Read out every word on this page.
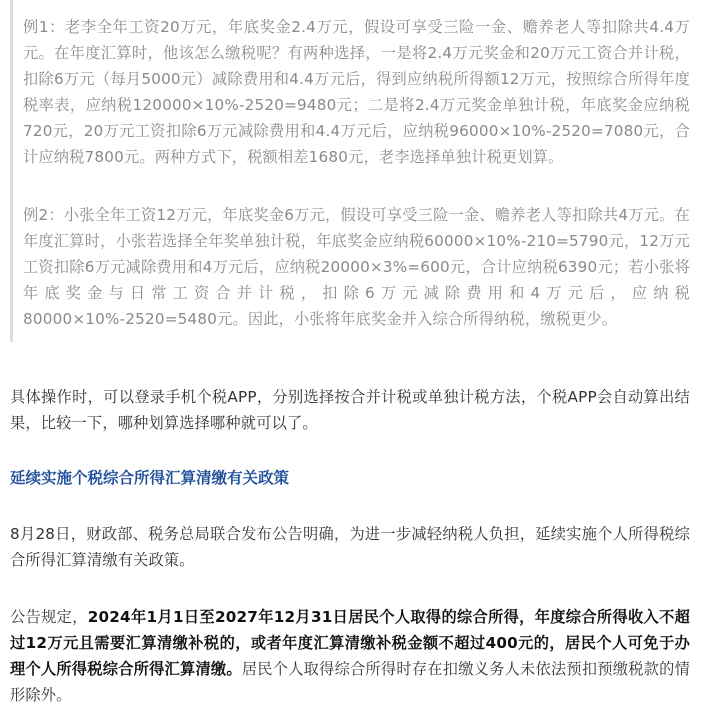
例1：老李全年工资20万元，年底奖金2.4万元，假设可享受三险一金、赡养老人等扣除共4.4万元。在年度汇算时，他该怎么缴税呢？有两种选择，一是将2.4万元奖金和20万元工资合并计税，扣除6万元（每月5000元）减除费用和4.4万元后，得到应纳税所得额12万元，按照综合所得年度税率表，应纳税120000×10%-2520=9480元；二是将2.4万元奖金单独计税，年底奖金应纳税720元，20万元工资扣除6万元减除费用和4.4万元后，应纳税96000×10%-2520=7080元，合计应纳税7800元。两种方式下，税额相差1680元，老李选择单独计税更划算。

例2：小张全年工资12万元，年底奖金6万元，假设可享受三险一金、赡养老人等扣除共4万元。在年度汇算时，小张若选择全年奖单独计税，年底奖金应纳税60000×10%-210=5790元，12万元工资扣除6万元减除费用和4万元后，应纳税20000×3%=600元，合计应纳税6390元；若小张将年底奖金与日常工资合并计税，扣除6万元减除费用和4万元后，应纳税80000×10%-2520=5480元。因此，小张将年底奖金并入综合所得纳税，缴税更少。

具体操作时，可以登录手机个税APP，分别选择按合并计税或单独计税方法，个税APP会自动算出结果，比较一下，哪种划算选择哪种就可以了。

延续实施个税综合所得汇算清缴有关政策

8月28日，财政部、税务总局联合发布公告明确，为进一步减轻纳税人负担，延续实施个人所得税综合所得汇算清缴有关政策。

公告规定，2024年1月1日至2027年12月31日居民个人取得的综合所得，年度综合所得收入不超过12万元且需要汇算清缴补税的，或者年度汇算清缴补税金额不超过400元的，居民个人可免于办理个人所得税综合所得汇算清缴。居民个人取得综合所得时存在扣缴义务人未依法预扣预缴税款的情形除外。
